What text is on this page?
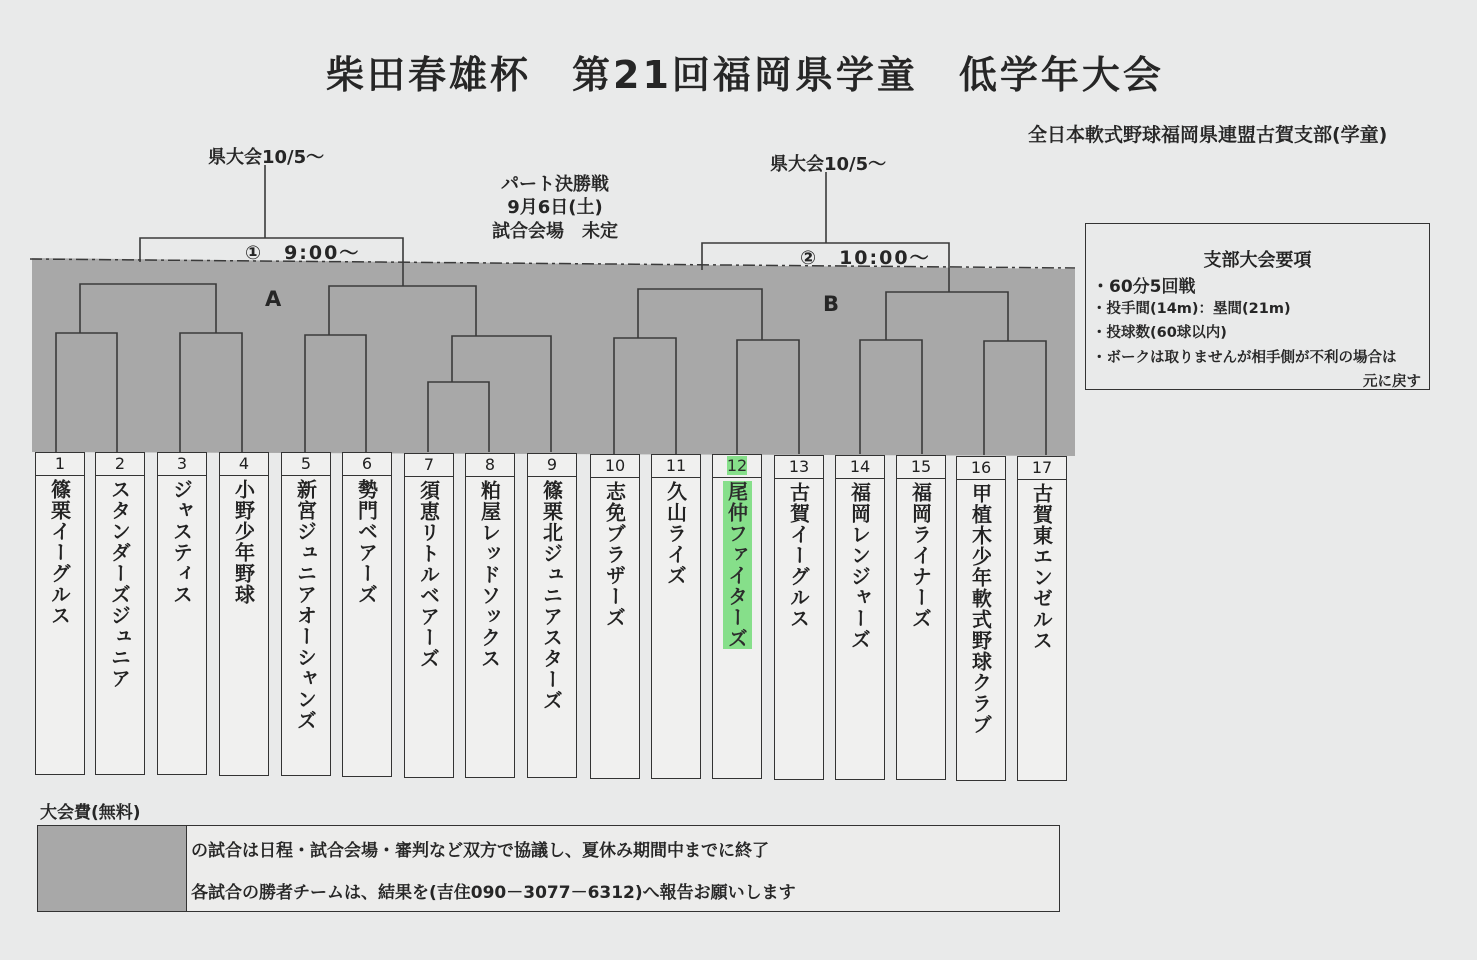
柴田春雄杯　第21回福岡県学童　低学年大会
全日本軟式野球福岡県連盟古賀支部(学童)
県大会10/5～	県大会10/5～
パート決勝戦
9月6日(土)
試合会場　未定
①　9:00～	②　10:00～
A	B
支部大会要項
・60分5回戦
・投手間(14m)：塁間(21m)
・投球数(60球以内)
・ボークは取りませんが相手側が不利の場合は
元に戻す
1
篠栗イーグルス
2
スタンダーズジュニア
3
ジャスティス
4
小野少年野球
5
新宮ジュニアオーシャンズ
6
勢門ベアーズ
7
須恵リトルベアーズ
8
粕屋レッドソックス
9
篠栗北ジュニアスターズ
10
志免ブラザーズ
11
久山ライズ
12
尾仲ファイターズ
13
古賀イーグルス
14
福岡レンジャーズ
15
福岡ライナーズ
16
甲植木少年軟式野球クラブ
17
古賀東エンゼルス
大会費(無料)
の試合は日程・試合会場・審判など双方で協議し、夏休み期間中までに終了
各試合の勝者チームは、結果を(吉住090－3077－6312)へ報告お願いします
